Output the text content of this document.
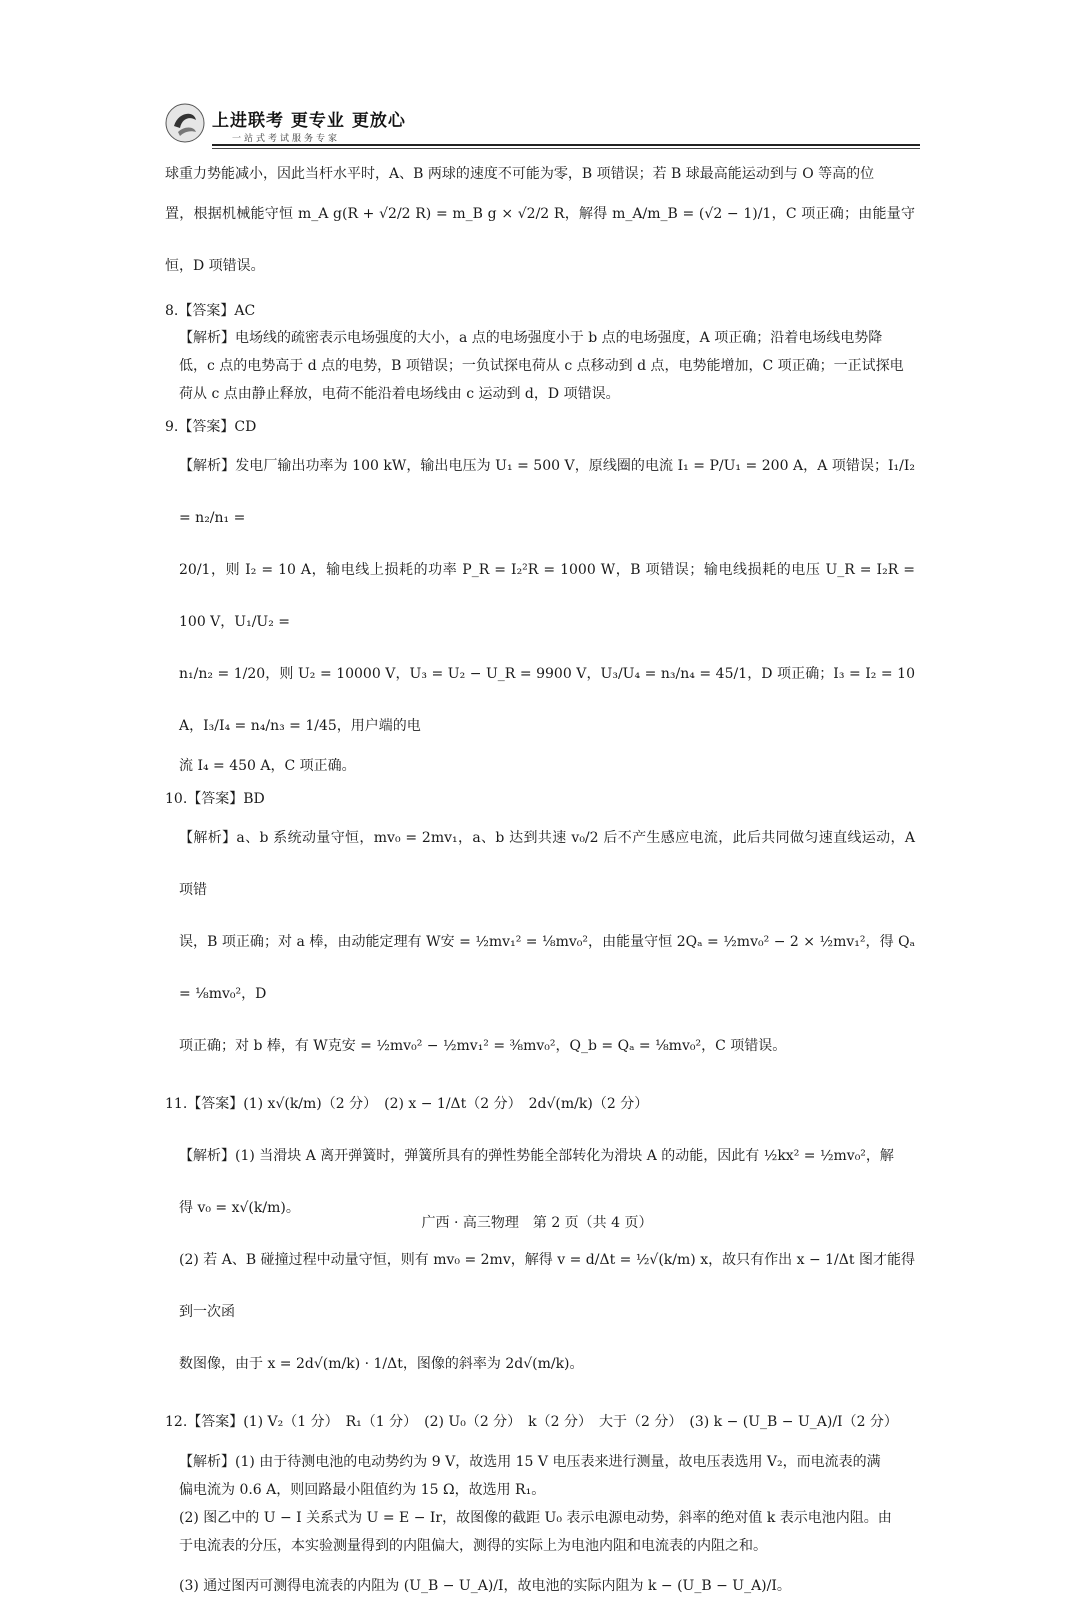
上进联考 更专业 更放心
一站式考试服务专家

球重力势能减小，因此当杆水平时，A、B 两球的速度不可能为零，B 项错误；若 B 球最高能运动到与 O 等高的位

置，根据机械能守恒 m_A g(R + √2/2 R) = m_B g × √2/2 R，解得 m_A/m_B = (√2 − 1)/1，C 项正确；由能量守恒，D 项错误。

8.【答案】AC

【解析】电场线的疏密表示电场强度的大小，a 点的电场强度小于 b 点的电场强度，A 项正确；沿着电场线电势降

低，c 点的电势高于 d 点的电势，B 项错误；一负试探电荷从 c 点移动到 d 点，电势能增加，C 项正确；一正试探电

荷从 c 点由静止释放，电荷不能沿着电场线由 c 运动到 d，D 项错误。

9.【答案】CD

【解析】发电厂输出功率为 100 kW，输出电压为 U₁ = 500 V，原线圈的电流 I₁ = P/U₁ = 200 A，A 项错误；I₁/I₂ = n₂/n₁ =

20/1，则 I₂ = 10 A，输电线上损耗的功率 P_R = I₂²R = 1000 W，B 项错误；输电线损耗的电压 U_R = I₂R = 100 V，U₁/U₂ =

n₁/n₂ = 1/20，则 U₂ = 10000 V，U₃ = U₂ − U_R = 9900 V，U₃/U₄ = n₃/n₄ = 45/1，D 项正确；I₃ = I₂ = 10 A，I₃/I₄ = n₄/n₃ = 1/45，用户端的电

流 I₄ = 450 A，C 项正确。

10.【答案】BD

【解析】a、b 系统动量守恒，mv₀ = 2mv₁，a、b 达到共速 v₀/2 后不产生感应电流，此后共同做匀速直线运动，A 项错

误，B 项正确；对 a 棒，由动能定理有 W安 = ½mv₁² = ⅛mv₀²，由能量守恒 2Qₐ = ½mv₀² − 2 × ½mv₁²，得 Qₐ = ⅛mv₀²，D

项正确；对 b 棒，有 W克安 = ½mv₀² − ½mv₁² = ⅜mv₀²，Q_b = Qₐ = ⅛mv₀²，C 项错误。

11.【答案】(1) x√(k/m)（2 分）　(2) x − 1/Δt（2 分）　2d√(m/k)（2 分）

【解析】(1) 当滑块 A 离开弹簧时，弹簧所具有的弹性势能全部转化为滑块 A 的动能，因此有 ½kx² = ½mv₀²，解

得 v₀ = x√(k/m)。

(2) 若 A、B 碰撞过程中动量守恒，则有 mv₀ = 2mv，解得 v = d/Δt = ½√(k/m) x，故只有作出 x − 1/Δt 图才能得到一次函

数图像，由于 x = 2d√(m/k) · 1/Δt，图像的斜率为 2d√(m/k)。

12.【答案】(1) V₂（1 分）　R₁（1 分）　(2) U₀（2 分）　k（2 分）　大于（2 分）　(3) k − (U_B − U_A)/I（2 分）

【解析】(1) 由于待测电池的电动势约为 9 V，故选用 15 V 电压表来进行测量，故电压表选用 V₂，而电流表的满

偏电流为 0.6 A，则回路最小阻值约为 15 Ω，故选用 R₁。

(2) 图乙中的 U − I 关系式为 U = E − Ir，故图像的截距 U₀ 表示电源电动势，斜率的绝对值 k 表示电池内阻。由

于电流表的分压，本实验测量得到的内阻偏大，测得的实际上为电池内阻和电流表的内阻之和。

(3) 通过图丙可测得电流表的内阻为 (U_B − U_A)/I，故电池的实际内阻为 k − (U_B − U_A)/I。

广西 · 高三物理　第 2 页（共 4 页）
